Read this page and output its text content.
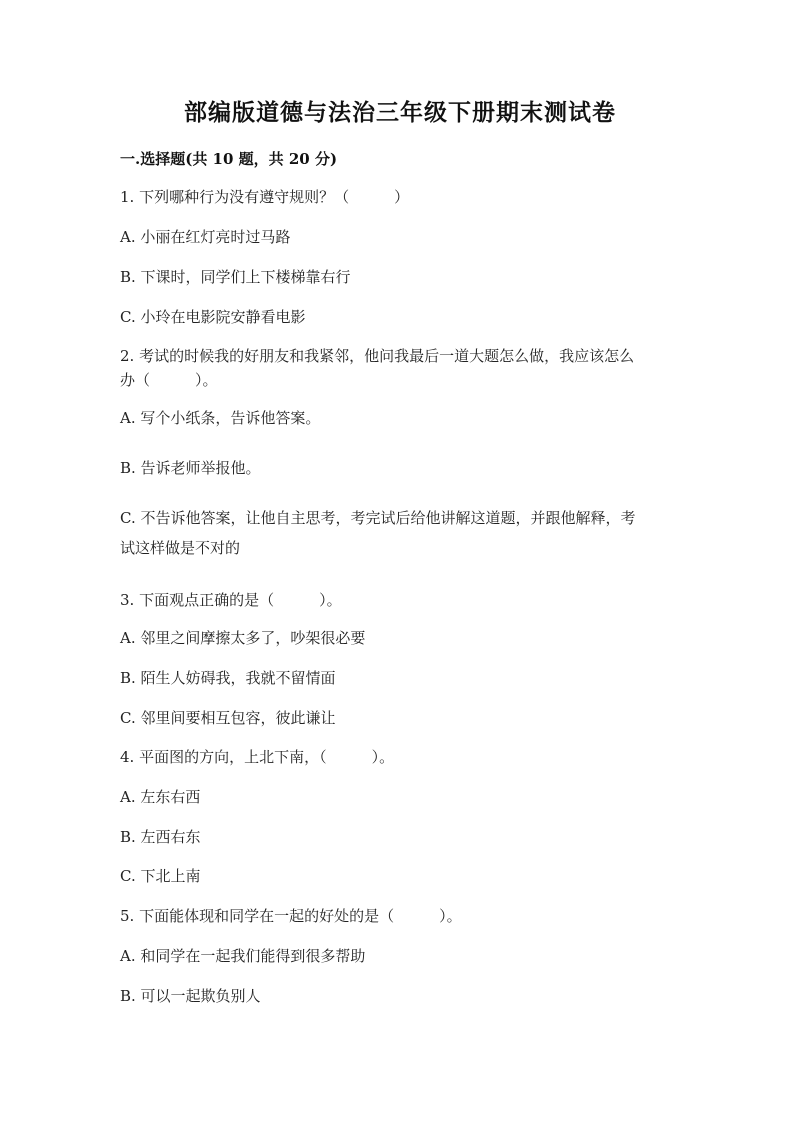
部编版道德与法治三年级下册期末测试卷
一.选择题(共 10 题，共 20 分)
1. 下列哪种行为没有遵守规则？（　　　）
A. 小丽在红灯亮时过马路
B. 下课时，同学们上下楼梯靠右行
C. 小玲在电影院安静看电影
2. 考试的时候我的好朋友和我紧邻，他问我最后一道大题怎么做，我应该怎么
办（　　　）。
A. 写个小纸条，告诉他答案。
B. 告诉老师举报他。
C. 不告诉他答案，让他自主思考，考完试后给他讲解这道题，并跟他解释，考
试这样做是不对的
3. 下面观点正确的是（　　　）。
A. 邻里之间摩擦太多了，吵架很必要
B. 陌生人妨碍我，我就不留情面
C. 邻里间要相互包容，彼此谦让
4. 平面图的方向，上北下南，（　　　）。
A. 左东右西
B. 左西右东
C. 下北上南
5. 下面能体现和同学在一起的好处的是（　　　）。
A. 和同学在一起我们能得到很多帮助
B. 可以一起欺负别人
